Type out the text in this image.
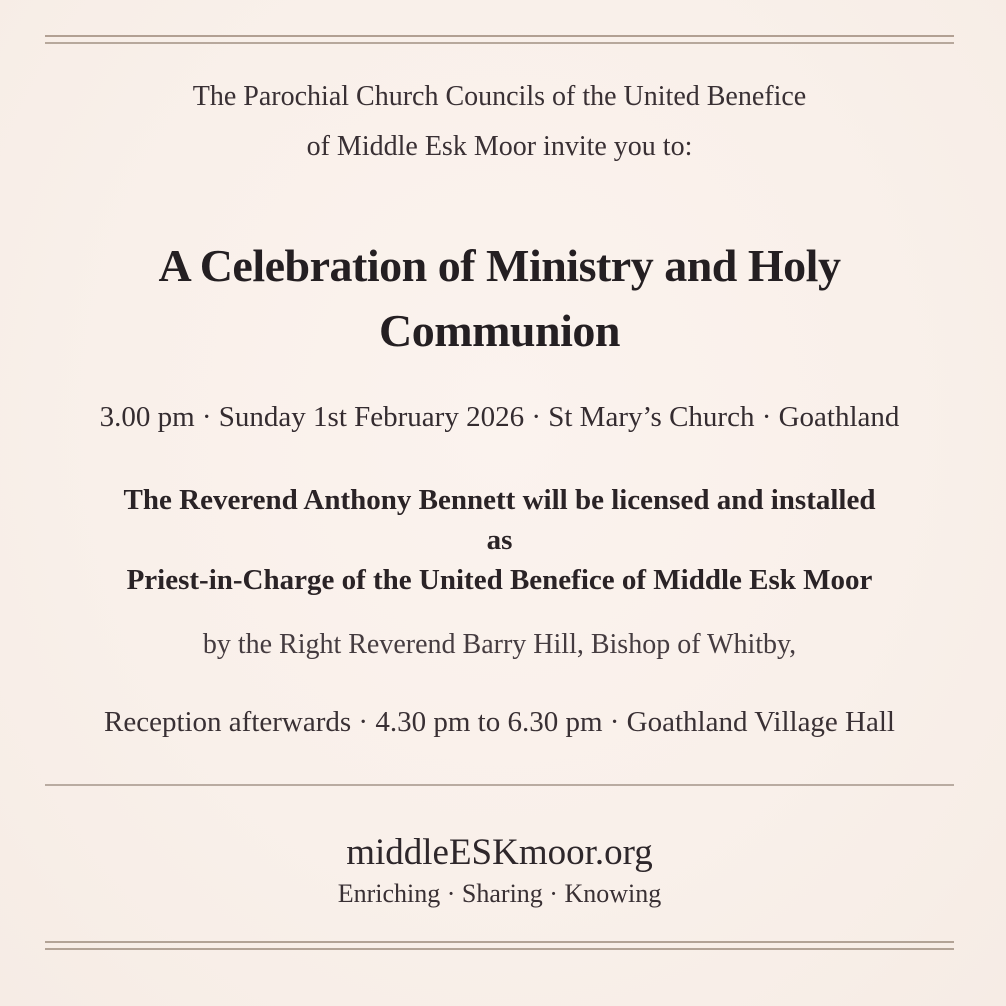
The Parochial Church Councils of the United Benefice
of Middle Esk Moor invite you to:
A Celebration of Ministry and Holy
Communion
3.00 pm · Sunday 1st February 2026 · St Mary’s Church · Goathland
The Reverend Anthony Bennett will be licensed and installed
as
Priest-in-Charge of the United Benefice of Middle Esk Moor
by the Right Reverend Barry Hill, Bishop of Whitby,
Reception afterwards · 4.30 pm to 6.30 pm · Goathland Village Hall
middleESKmoor.org
Enriching · Sharing · Knowing
